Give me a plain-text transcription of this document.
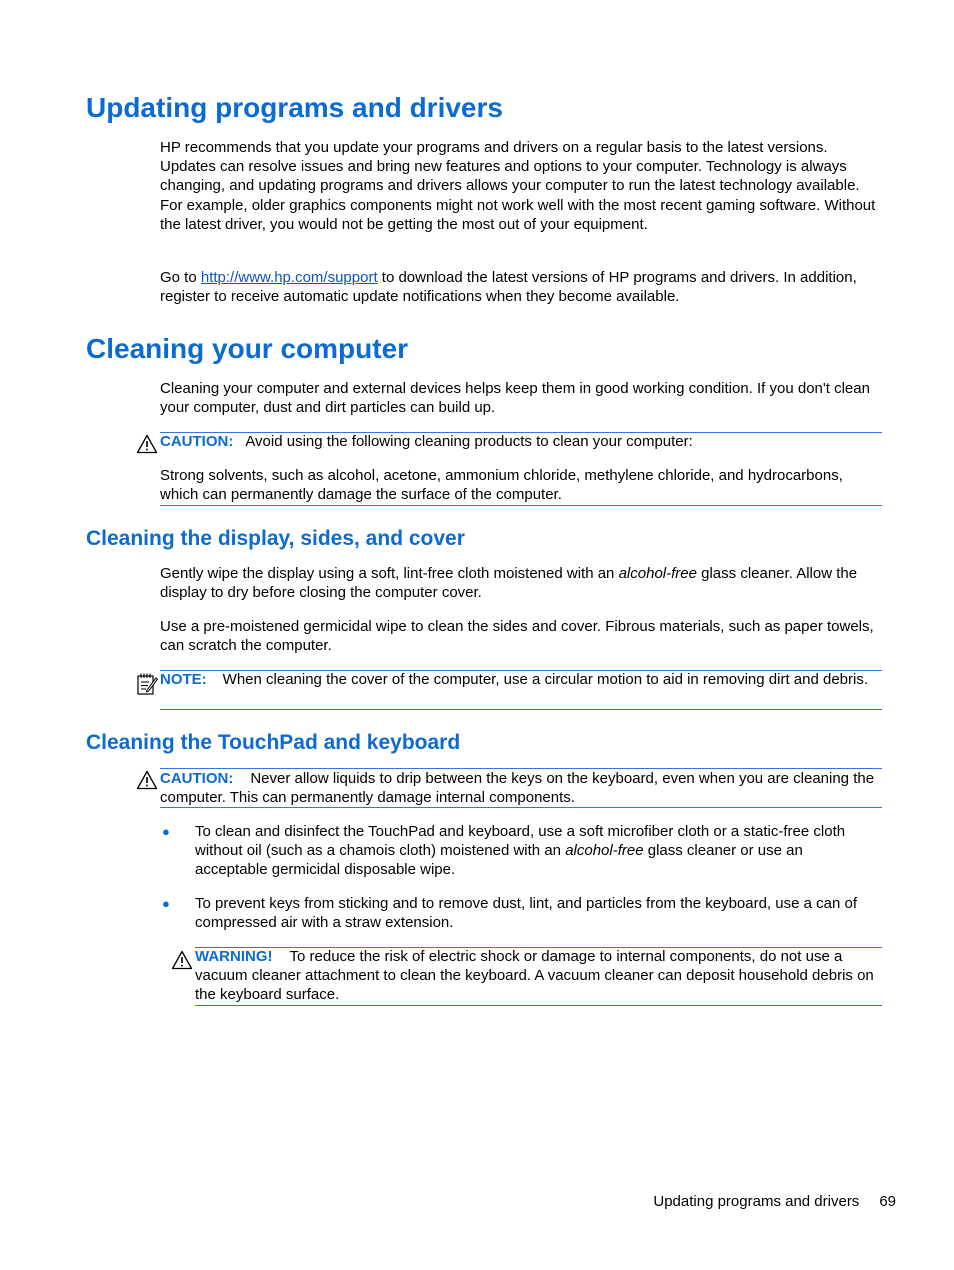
Updating programs and drivers

HP recommends that you update your programs and drivers on a regular basis to the latest versions. Updates can resolve issues and bring new features and options to your computer. Technology is always changing, and updating programs and drivers allows your computer to run the latest technology available. For example, older graphics components might not work well with the most recent gaming software. Without the latest driver, you would not be getting the most out of your equipment.

Go to http://www.hp.com/support to download the latest versions of HP programs and drivers. In addition, register to receive automatic update notifications when they become available.

Cleaning your computer

Cleaning your computer and external devices helps keep them in good working condition. If you don't clean your computer, dust and dirt particles can build up.

CAUTION: Avoid using the following cleaning products to clean your computer:

Strong solvents, such as alcohol, acetone, ammonium chloride, methylene chloride, and hydrocarbons, which can permanently damage the surface of the computer.

Cleaning the display, sides, and cover

Gently wipe the display using a soft, lint-free cloth moistened with an alcohol-free glass cleaner. Allow the display to dry before closing the computer cover.

Use a pre-moistened germicidal wipe to clean the sides and cover. Fibrous materials, such as paper towels, can scratch the computer.

NOTE: When cleaning the cover of the computer, use a circular motion to aid in removing dirt and debris.

Cleaning the TouchPad and keyboard

CAUTION: Never allow liquids to drip between the keys on the keyboard, even when you are cleaning the computer. This can permanently damage internal components.

● To clean and disinfect the TouchPad and keyboard, use a soft microfiber cloth or a static-free cloth without oil (such as a chamois cloth) moistened with an alcohol-free glass cleaner or use an acceptable germicidal disposable wipe.

● To prevent keys from sticking and to remove dust, lint, and particles from the keyboard, use a can of compressed air with a straw extension.

WARNING! To reduce the risk of electric shock or damage to internal components, do not use a vacuum cleaner attachment to clean the keyboard. A vacuum cleaner can deposit household debris on the keyboard surface.

Updating programs and drivers 69
